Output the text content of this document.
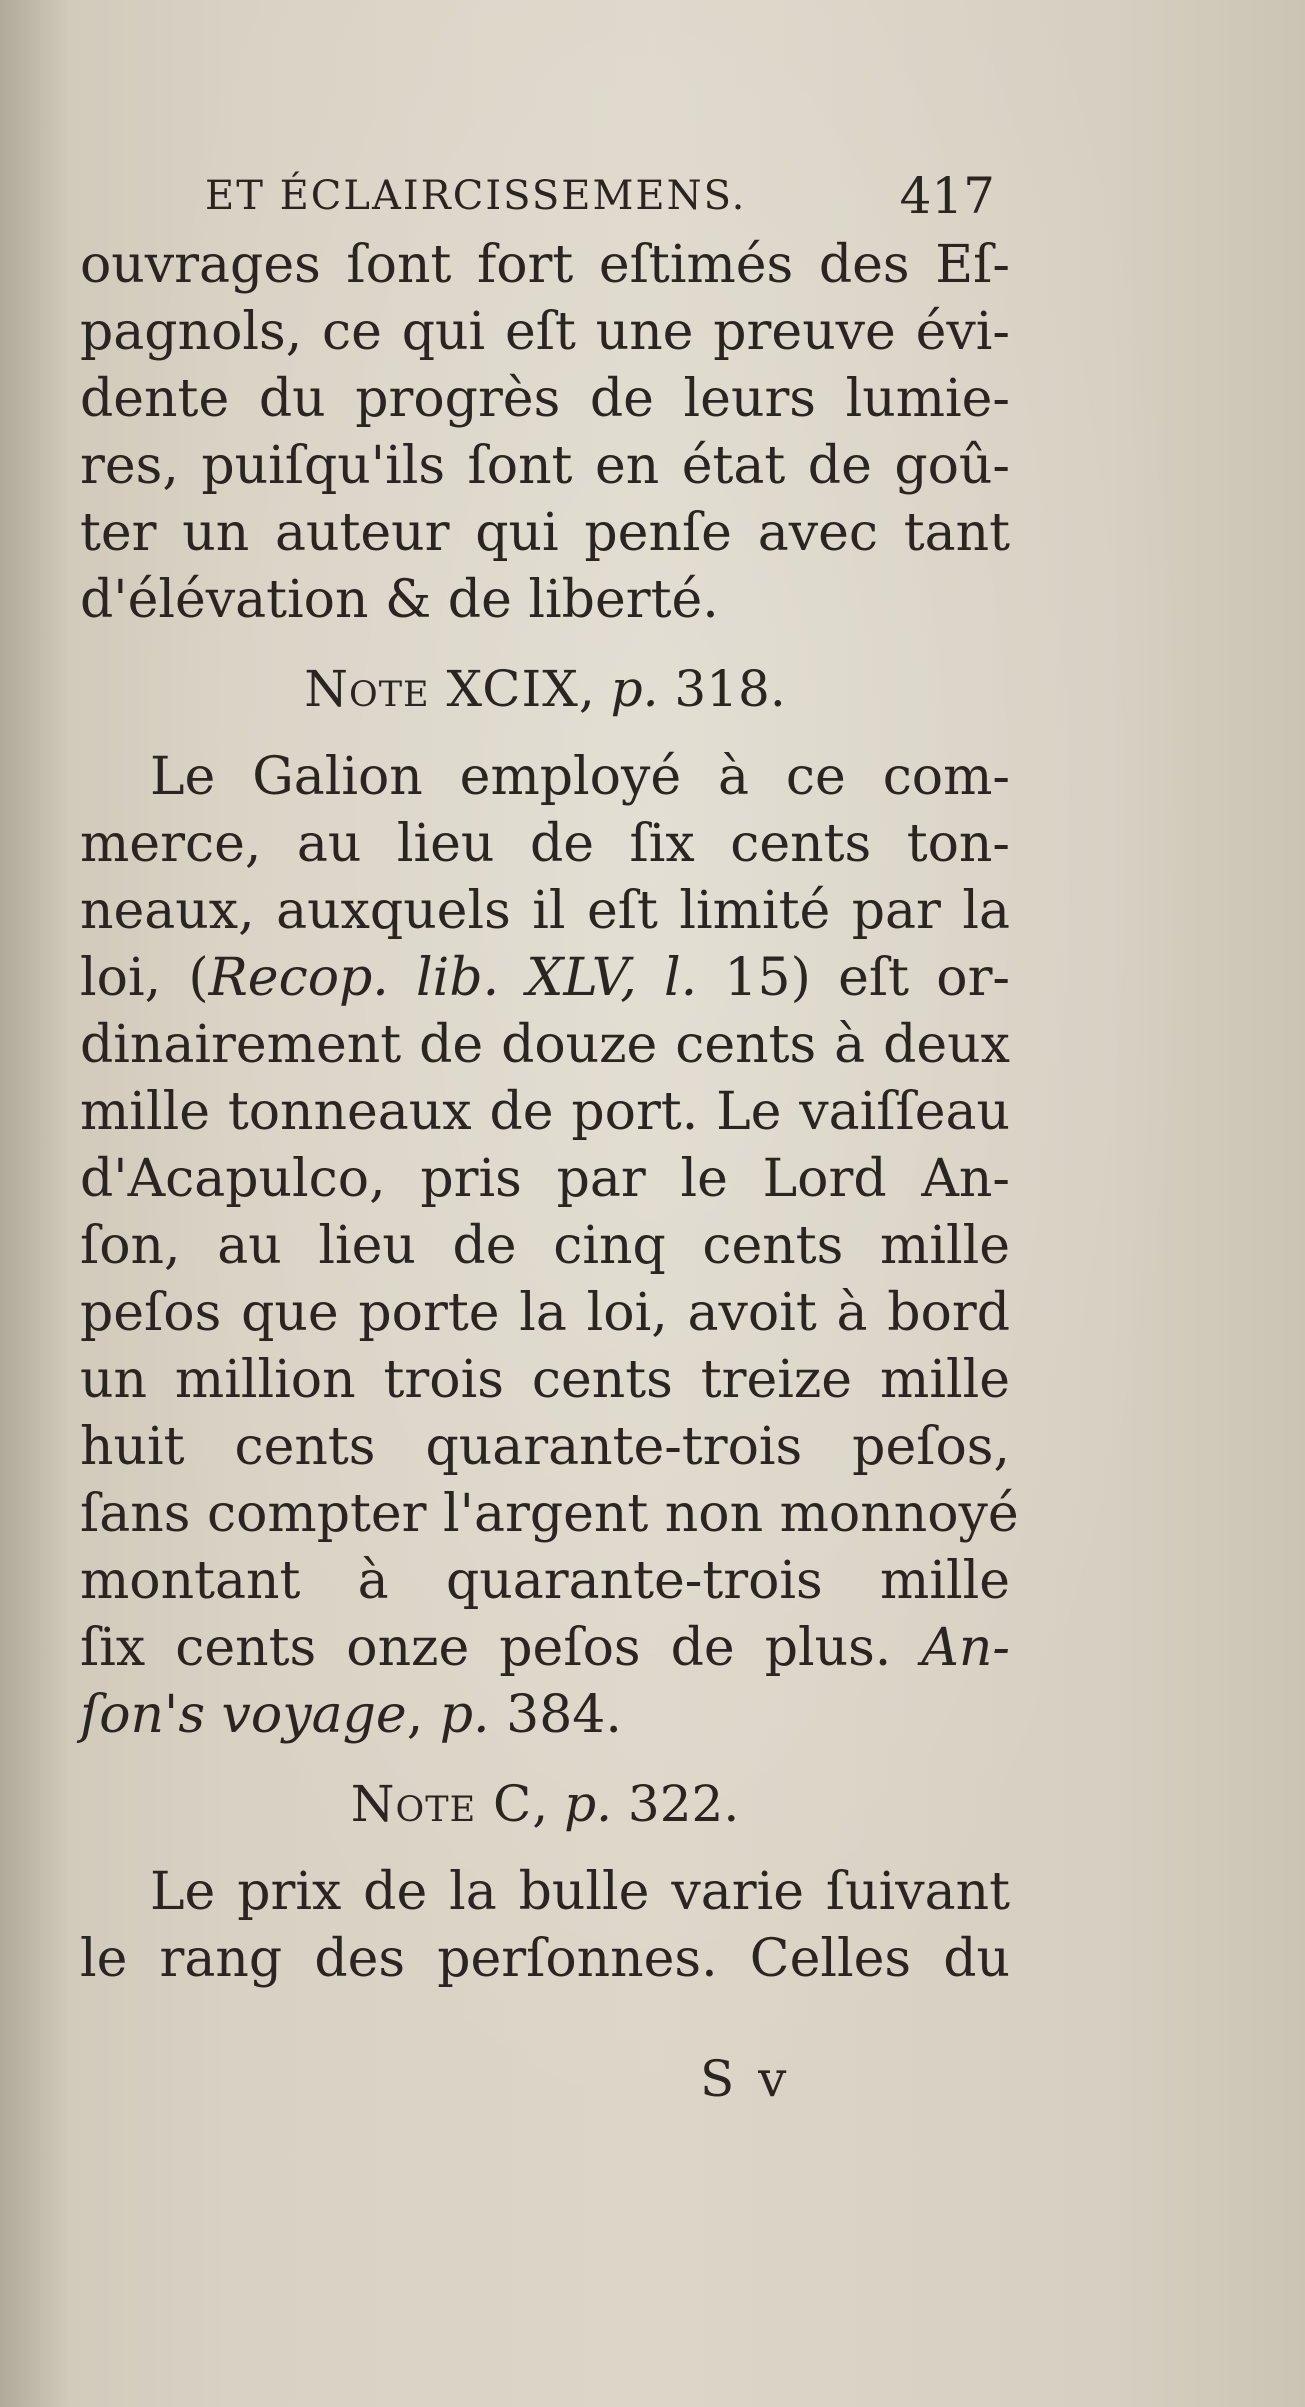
ET ÉCLAIRCISSEMENS.	417
ouvrages ſont fort eſtimés des Eſ-
pagnols, ce qui eſt une preuve évi-
dente du progrès de leurs lumie-
res, puiſqu'ils ſont en état de goû-
ter un auteur qui penſe avec tant
d'élévation & de liberté.
Note XCIX, p. 318.
Le Galion employé à ce com-
merce, au lieu de ſix cents ton-
neaux, auxquels il eſt limité par la
loi, (Recop. lib. XLV, l. 15) eſt or-
dinairement de douze cents à deux
mille tonneaux de port. Le vaiſſeau
d'Acapulco, pris par le Lord An-
ſon, au lieu de cinq cents mille
peſos que porte la loi, avoit à bord
un million trois cents treize mille
huit cents quarante-trois peſos,
ſans compter l'argent non monnoyé
montant à quarante-trois mille
ſix cents onze peſos de plus. An-
ſon's voyage, p. 384.
Note C, p. 322.
Le prix de la bulle varie ſuivant
le rang des perſonnes. Celles du
S v
